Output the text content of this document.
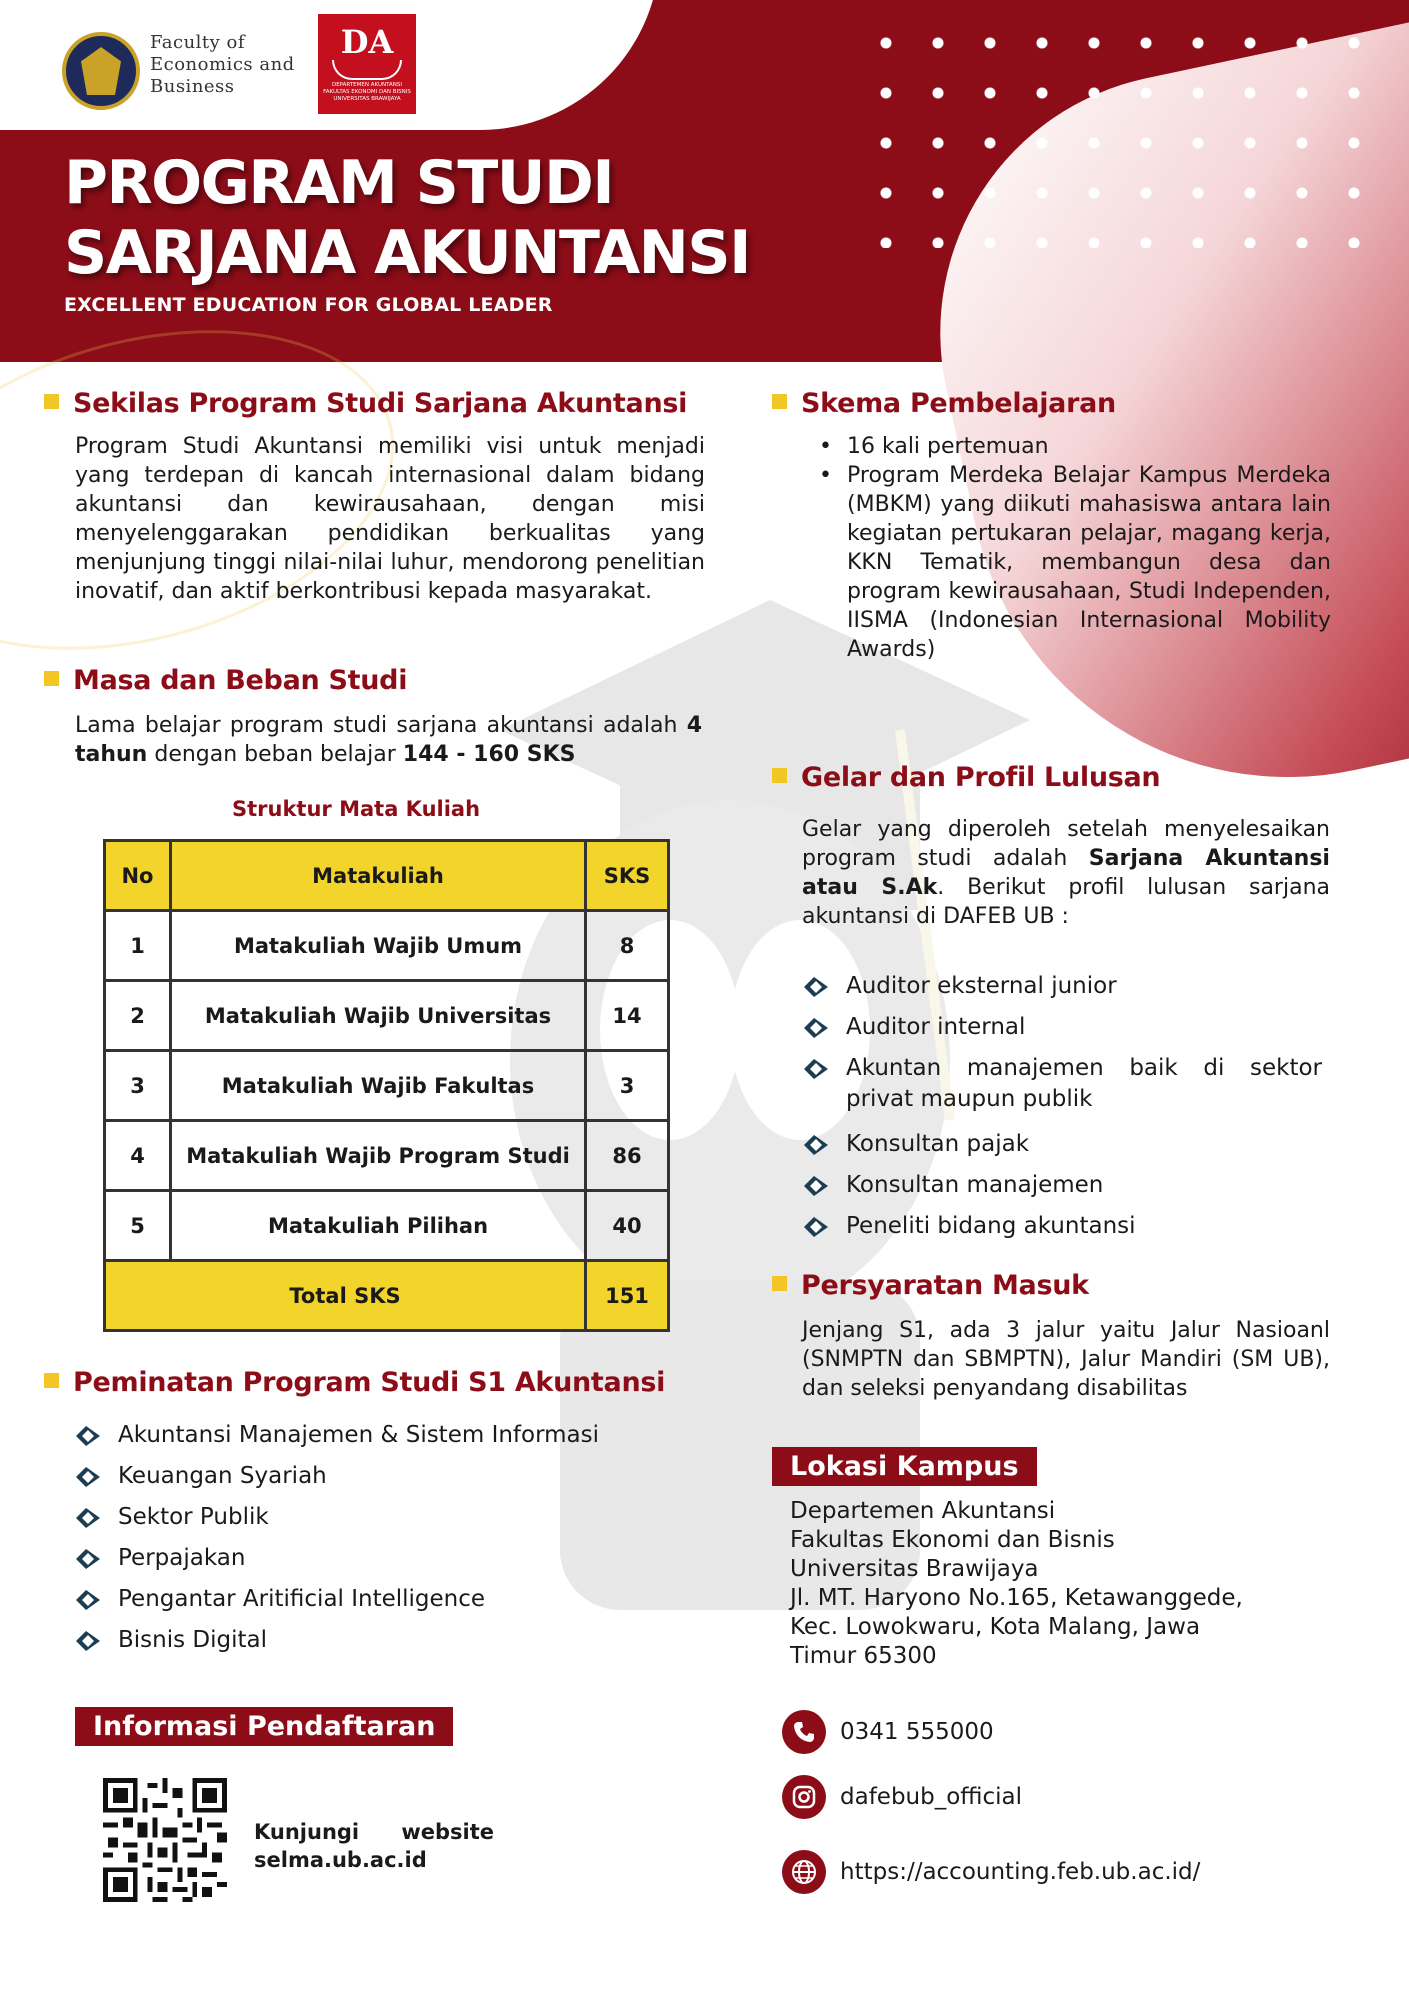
Faculty of
Economics and
Business
DA
DEPARTEMEN AKUNTANSI FAKULTAS EKONOMI DAN BISNIS UNIVERSITAS BRAWIJAYA
PROGRAM STUDI
SARJANA AKUNTANSI
EXCELLENT EDUCATION FOR GLOBAL LEADER
Sekilas Program Studi Sarjana Akuntansi
Program Studi Akuntansi memiliki visi untuk menjadi yang terdepan di kancah internasional dalam bidang akuntansi dan kewirausahaan, dengan misi menyelenggarakan pendidikan berkualitas yang menjunjung tinggi nilai-nilai luhur, mendorong penelitian inovatif, dan aktif berkontribusi kepada masyarakat.
Masa dan Beban Studi
Lama belajar program studi sarjana akuntansi adalah 4 tahun dengan beban belajar 144 - 160 SKS
Struktur Mata Kuliah
No	Matakuliah	SKS
1	Matakuliah Wajib Umum	8
2	Matakuliah Wajib Universitas	14
3	Matakuliah Wajib Fakultas	3
4	Matakuliah Wajib Program Studi	86
5	Matakuliah Pilihan	40
Total SKS		151
Peminatan Program Studi S1 Akuntansi
Akuntansi Manajemen & Sistem Informasi
Keuangan Syariah
Sektor Publik
Perpajakan
Pengantar Aritificial Intelligence
Bisnis Digital
Informasi Pendaftaran
Kunjungi website
selma.ub.ac.id
Skema Pembelajaran
• 16 kali pertemuan
• Program Merdeka Belajar Kampus Merdeka (MBKM) yang diikuti mahasiswa antara lain kegiatan pertukaran pelajar, magang kerja, KKN Tematik, membangun desa dan program kewirausahaan, Studi Independen, IISMA (Indonesian Internasional Mobility Awards)
Gelar dan Profil Lulusan
Gelar yang diperoleh setelah menyelesaikan program studi adalah Sarjana Akuntansi atau S.Ak. Berikut profil lulusan sarjana akuntansi di DAFEB UB :
Auditor eksternal junior
Auditor internal
Akuntan manajemen baik di sektor privat maupun publik
Konsultan pajak
Konsultan manajemen
Peneliti bidang akuntansi
Persyaratan Masuk
Jenjang S1, ada 3 jalur yaitu Jalur Nasioanl (SNMPTN dan SBMPTN), Jalur Mandiri (SM UB), dan seleksi penyandang disabilitas
Lokasi Kampus
Departemen Akuntansi
Fakultas Ekonomi dan Bisnis
Universitas Brawijaya
Jl. MT. Haryono No.165, Ketawanggede,
Kec. Lowokwaru, Kota Malang, Jawa
Timur 65300
0341 555000
dafebub_official
https://accounting.feb.ub.ac.id/
